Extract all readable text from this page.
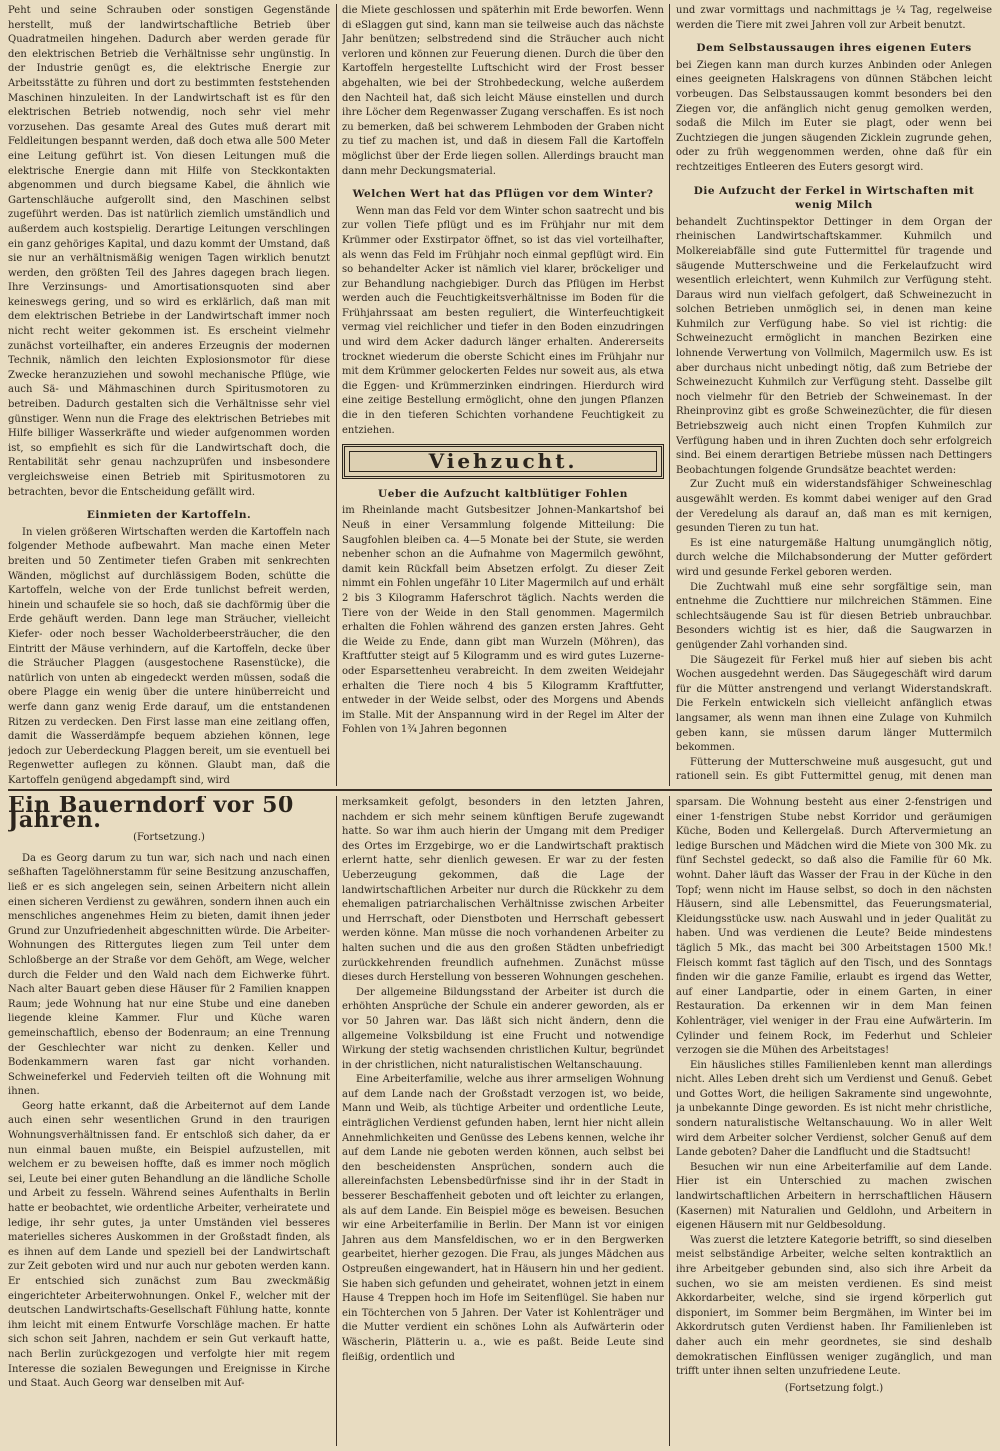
Peht und seine Schrauben oder sonstigen Gegenstände herstellt, muß der landwirtschaftliche Betrieb über Quadratmeilen hingehen. Dadurch aber werden gerade für den elektrischen Betrieb die Verhältnisse sehr ungünstig. In der Industrie genügt es, die elektrische Energie zur Arbeitsstätte zu führen und dort zu bestimmten feststehenden Maschinen hinzuleiten. In der Landwirtschaft ist es für den elektrischen Betrieb notwendig, noch sehr viel mehr vorzusehen. Das gesamte Areal des Gutes muß derart mit Feldleitungen bespannt werden, daß doch etwa alle 500 Meter eine Leitung geführt ist. Von diesen Leitungen muß die elektrische Energie dann mit Hilfe von Steckkontakten abgenommen und durch biegsame Kabel, die ähnlich wie Gartenschläuche aufgerollt sind, den Maschinen selbst zugeführt werden. Das ist natürlich ziemlich umständlich und außerdem auch kostspielig. Derartige Leitungen verschlingen ein ganz gehöriges Kapital, und dazu kommt der Umstand, daß sie nur an verhältnismäßig wenigen Tagen wirklich benutzt werden, den größten Teil des Jahres dagegen brach liegen. Ihre Verzinsungs- und Amortisationsquoten sind aber keineswegs gering, und so wird es erklärlich, daß man mit dem elektrischen Betriebe in der Landwirtschaft immer noch nicht recht weiter gekommen ist. Es erscheint vielmehr zunächst vorteilhafter, ein anderes Erzeugnis der modernen Technik, nämlich den leichten Explosionsmotor für diese Zwecke heranzuziehen und sowohl mechanische Pflüge, wie auch Sä- und Mähmaschinen durch Spiritusmotoren zu betreiben. Dadurch gestalten sich die Verhältnisse sehr viel günstiger. Wenn nun die Frage des elektrischen Betriebes mit Hilfe billiger Wasserkräfte und wieder aufgenommen worden ist, so empfiehlt es sich für die Landwirtschaft doch, die Rentabilität sehr genau nachzuprüfen und insbesondere vergleichsweise einen Betrieb mit Spiritusmotoren zu betrachten, bevor die Entscheidung gefällt wird.

Einmieten der Kartoffeln.

In vielen größeren Wirtschaften werden die Kartoffeln nach folgender Methode aufbewahrt. Man mache einen Meter breiten und 50 Zentimeter tiefen Graben mit senkrechten Wänden, möglichst auf durchlässigem Boden, schütte die Kartoffeln, welche von der Erde tunlichst befreit werden, hinein und schaufele sie so hoch, daß sie dachförmig über die Erde gehäuft werden. Dann lege man Sträucher, vielleicht Kiefer- oder noch besser Wacholderbeersträucher, die den Eintritt der Mäuse verhindern, auf die Kartoffeln, decke über die Sträucher Plaggen (ausgestochene Rasenstücke), die natürlich von unten ab eingedeckt werden müssen, sodaß die obere Plagge ein wenig über die untere hinüberreicht und werfe dann ganz wenig Erde darauf, um die entstandenen Ritzen zu verdecken. Den First lasse man eine zeitlang offen, damit die Wasserdämpfe bequem abziehen können, lege jedoch zur Ueberdeckung Plaggen bereit, um sie eventuell bei Regenwetter auflegen zu können. Glaubt man, daß die Kartoffeln genügend abgedampft sind, wird

die Miete geschlossen und späterhin mit Erde beworfen. Wenn di eSlaggen gut sind, kann man sie teilweise auch das nächste Jahr benützen; selbstredend sind die Sträucher auch nicht verloren und können zur Feuerung dienen. Durch die über den Kartoffeln hergestellte Luftschicht wird der Frost besser abgehalten, wie bei der Strohbedeckung, welche außerdem den Nachteil hat, daß sich leicht Mäuse einstellen und durch ihre Löcher dem Regenwasser Zugang verschaffen. Es ist noch zu bemerken, daß bei schwerem Lehmboden der Graben nicht zu tief zu machen ist, und daß in diesem Fall die Kartoffeln möglichst über der Erde liegen sollen. Allerdings braucht man dann mehr Deckungsmaterial.

Welchen Wert hat das Pflügen vor dem Winter?

Wenn man das Feld vor dem Winter schon saatrecht und bis zur vollen Tiefe pflügt und es im Frühjahr nur mit dem Krümmer oder Exstirpator öffnet, so ist das viel vorteilhafter, als wenn das Feld im Frühjahr noch einmal gepflügt wird. Ein so behandelter Acker ist nämlich viel klarer, bröckeliger und zur Behandlung nachgiebiger. Durch das Pflügen im Herbst werden auch die Feuchtigkeitsverhältnisse im Boden für die Frühjahrssaat am besten reguliert, die Winterfeuchtigkeit vermag viel reichlicher und tiefer in den Boden einzudringen und wird dem Acker dadurch länger erhalten. Andererseits trocknet wiederum die oberste Schicht eines im Frühjahr nur mit dem Krümmer gelockerten Feldes nur soweit aus, als etwa die Eggen- und Krümmerzinken eindringen. Hierdurch wird eine zeitige Bestellung ermöglicht, ohne den jungen Pflanzen die in den tieferen Schichten vorhandene Feuchtigkeit zu entziehen.

Viehzucht.
Ueber die Aufzucht kaltblütiger Fohlen

im Rheinlande macht Gutsbesitzer Johnen-Mankartshof bei Neuß in einer Versammlung folgende Mitteilung: Die Saugfohlen bleiben ca. 4—5 Monate bei der Stute, sie werden nebenher schon an die Aufnahme von Magermilch gewöhnt, damit kein Rückfall beim Absetzen erfolgt. Zu dieser Zeit nimmt ein Fohlen ungefähr 10 Liter Magermilch auf und erhält 2 bis 3 Kilogramm Haferschrot täglich. Nachts werden die Tiere von der Weide in den Stall genommen. Magermilch erhalten die Fohlen während des ganzen ersten Jahres. Geht die Weide zu Ende, dann gibt man Wurzeln (Möhren), das Kraftfutter steigt auf 5 Kilogramm und es wird gutes Luzerne- oder Esparsettenheu verabreicht. In dem zweiten Weidejahr erhalten die Tiere noch 4 bis 5 Kilogramm Kraftfutter, entweder in der Weide selbst, oder des Morgens und Abends im Stalle. Mit der Anspannung wird in der Regel im Alter der Fohlen von 1¾ Jahren begonnen

und zwar vormittags und nachmittags je ¼ Tag, regelweise werden die Tiere mit zwei Jahren voll zur Arbeit benutzt.

Dem Selbstaussaugen ihres eigenen Euters

bei Ziegen kann man durch kurzes Anbinden oder Anlegen eines geeigneten Halskragens von dünnen Stäbchen leicht vorbeugen. Das Selbstaussaugen kommt besonders bei den Ziegen vor, die anfänglich nicht genug gemolken werden, sodaß die Milch im Euter sie plagt, oder wenn bei Zuchtziegen die jungen säugenden Zicklein zugrunde gehen, oder zu früh weggenommen werden, ohne daß für ein rechtzeitiges Entleeren des Euters gesorgt wird.

Die Aufzucht der Ferkel in Wirtschaften mit wenig Milch

behandelt Zuchtinspektor Dettinger in dem Organ der rheinischen Landwirtschaftskammer. Kuhmilch und Molkereiabfälle sind gute Futtermittel für tragende und säugende Mutterschweine und die Ferkelaufzucht wird wesentlich erleichtert, wenn Kuhmilch zur Verfügung steht. Daraus wird nun vielfach gefolgert, daß Schweinezucht in solchen Betrieben unmöglich sei, in denen man keine Kuhmilch zur Verfügung habe. So viel ist richtig: die Schweinezucht ermöglicht in manchen Bezirken eine lohnende Verwertung von Vollmilch, Magermilch usw. Es ist aber durchaus nicht unbedingt nötig, daß zum Betriebe der Schweinezucht Kuhmilch zur Verfügung steht. Dasselbe gilt noch vielmehr für den Betrieb der Schweinemast. In der Rheinprovinz gibt es große Schweinezüchter, die für diesen Betriebszweig auch nicht einen Tropfen Kuhmilch zur Verfügung haben und in ihren Zuchten doch sehr erfolgreich sind. Bei einem derartigen Betriebe müssen nach Dettingers Beobachtungen folgende Grundsätze beachtet werden:

Zur Zucht muß ein widerstandsfähiger Schweineschlag ausgewählt werden. Es kommt dabei weniger auf den Grad der Veredelung als darauf an, daß man es mit kernigen, gesunden Tieren zu tun hat.

Es ist eine naturgemäße Haltung unumgänglich nötig, durch welche die Milchabsonderung der Mutter gefördert wird und gesunde Ferkel geboren werden.

Die Zuchtwahl muß eine sehr sorgfältige sein, man entnehme die Zuchttiere nur milchreichen Stämmen. Eine schlechtsäugende Sau ist für diesen Betrieb unbrauchbar. Besonders wichtig ist es hier, daß die Saugwarzen in genügender Zahl vorhanden sind.

Die Säugezeit für Ferkel muß hier auf sieben bis acht Wochen ausgedehnt werden. Das Säugegeschäft wird darum für die Mütter anstrengend und verlangt Widerstandskraft. Die Ferkeln entwickeln sich vielleicht anfänglich etwas langsamer, als wenn man ihnen eine Zulage von Kuhmilch geben kann, sie müssen darum länger Muttermilch bekommen.

Fütterung der Mutterschweine muß ausgesucht, gut und rationell sein. Es gibt Futtermittel genug, mit denen man

Ein Bauerndorf vor 50 Jahren.
(Fortsetzung.)

Da es Georg darum zu tun war, sich nach und nach einen seßhaften Tagelöhnerstamm für seine Besitzung anzuschaffen, ließ er es sich angelegen sein, seinen Arbeitern nicht allein einen sicheren Verdienst zu gewähren, sondern ihnen auch ein menschliches angenehmes Heim zu bieten, damit ihnen jeder Grund zur Unzufriedenheit abgeschnitten würde. Die Arbeiter-Wohnungen des Rittergutes liegen zum Teil unter dem Schloßberge an der Straße vor dem Gehöft, am Wege, welcher durch die Felder und den Wald nach dem Eichwerke führt. Nach alter Bauart geben diese Häuser für 2 Familien knappen Raum; jede Wohnung hat nur eine Stube und eine daneben liegende kleine Kammer. Flur und Küche waren gemeinschaftlich, ebenso der Bodenraum; an eine Trennung der Geschlechter war nicht zu denken. Keller und Bodenkammern waren fast gar nicht vorhanden. Schweineferkel und Federvieh teilten oft die Wohnung mit ihnen.

Georg hatte erkannt, daß die Arbeiternot auf dem Lande auch einen sehr wesentlichen Grund in den traurigen Wohnungsverhältnissen fand. Er entschloß sich daher, da er nun einmal bauen mußte, ein Beispiel aufzustellen, mit welchem er zu beweisen hoffte, daß es immer noch möglich sei, Leute bei einer guten Behandlung an die ländliche Scholle und Arbeit zu fesseln. Während seines Aufenthalts in Berlin hatte er beobachtet, wie ordentliche Arbeiter, verheiratete und ledige, ihr sehr gutes, ja unter Umständen viel besseres materielles sicheres Auskommen in der Großstadt finden, als es ihnen auf dem Lande und speziell bei der Landwirtschaft zur Zeit geboten wird und nur auch nur geboten werden kann. Er entschied sich zunächst zum Bau zweckmäßig eingerichteter Arbeiterwohnungen. Onkel F., welcher mit der deutschen Landwirtschafts-Gesellschaft Fühlung hatte, konnte ihm leicht mit einem Entwurfe Vorschläge machen. Er hatte sich schon seit Jahren, nachdem er sein Gut verkauft hatte, nach Berlin zurückgezogen und verfolgte hier mit regem Interesse die sozialen Bewegungen und Ereignisse in Kirche und Staat. Auch Georg war denselben mit Auf-

merksamkeit gefolgt, besonders in den letzten Jahren, nachdem er sich mehr seinem künftigen Berufe zugewandt hatte. So war ihm auch hierin der Umgang mit dem Prediger des Ortes im Erzgebirge, wo er die Landwirtschaft praktisch erlernt hatte, sehr dienlich gewesen. Er war zu der festen Ueberzeugung gekommen, daß die Lage der landwirtschaftlichen Arbeiter nur durch die Rückkehr zu dem ehemaligen patriarchalischen Verhältnisse zwischen Arbeiter und Herrschaft, oder Dienstboten und Herrschaft gebessert werden könne. Man müsse die noch vorhandenen Arbeiter zu halten suchen und die aus den großen Städten unbefriedigt zurückkehrenden freundlich aufnehmen. Zunächst müsse dieses durch Herstellung von besseren Wohnungen geschehen.

Der allgemeine Bildungsstand der Arbeiter ist durch die erhöhten Ansprüche der Schule ein anderer geworden, als er vor 50 Jahren war. Das läßt sich nicht ändern, denn die allgemeine Volksbildung ist eine Frucht und notwendige Wirkung der stetig wachsenden christlichen Kultur, begründet in der christlichen, nicht naturalistischen Weltanschauung.

Eine Arbeiterfamilie, welche aus ihrer armseligen Wohnung auf dem Lande nach der Großstadt verzogen ist, wo beide, Mann und Weib, als tüchtige Arbeiter und ordentliche Leute, einträglichen Verdienst gefunden haben, lernt hier nicht allein Annehmlichkeiten und Genüsse des Lebens kennen, welche ihr auf dem Lande nie geboten werden können, auch selbst bei den bescheidensten Ansprüchen, sondern auch die allereinfachsten Lebensbedürfnisse sind ihr in der Stadt in besserer Beschaffenheit geboten und oft leichter zu erlangen, als auf dem Lande. Ein Beispiel möge es beweisen. Besuchen wir eine Arbeiterfamilie in Berlin. Der Mann ist vor einigen Jahren aus dem Mansfeldischen, wo er in den Bergwerken gearbeitet, hierher gezogen. Die Frau, als junges Mädchen aus Ostpreußen eingewandert, hat in Häusern hin und her gedient. Sie haben sich gefunden und geheiratet, wohnen jetzt in einem Hause 4 Treppen hoch im Hofe im Seitenflügel. Sie haben nur ein Töchterchen von 5 Jahren. Der Vater ist Kohlenträger und die Mutter verdient ein schönes Lohn als Aufwärterin oder Wäscherin, Plätterin u. a., wie es paßt. Beide Leute sind fleißig, ordentlich und

sparsam. Die Wohnung besteht aus einer 2-fenstrigen und einer 1-fenstrigen Stube nebst Korridor und geräumigen Küche, Boden und Kellergelaß. Durch Aftervermietung an ledige Burschen und Mädchen wird die Miete von 300 Mk. zu fünf Sechstel gedeckt, so daß also die Familie für 60 Mk. wohnt. Daher läuft das Wasser der Frau in der Küche in den Topf; wenn nicht im Hause selbst, so doch in den nächsten Häusern, sind alle Lebensmittel, das Feuerungsmaterial, Kleidungsstücke usw. nach Auswahl und in jeder Qualität zu haben. Und was verdienen die Leute? Beide mindestens täglich 5 Mk., das macht bei 300 Arbeitstagen 1500 Mk.! Fleisch kommt fast täglich auf den Tisch, und des Sonntags finden wir die ganze Familie, erlaubt es irgend das Wetter, auf einer Landpartie, oder in einem Garten, in einer Restauration. Da erkennen wir in dem Man feinen Kohlenträger, viel weniger in der Frau eine Aufwärterin. Im Cylinder und feinem Rock, im Federhut und Schleier verzogen sie die Mühen des Arbeitstages!

Ein häusliches stilles Familienleben kennt man allerdings nicht. Alles Leben dreht sich um Verdienst und Genuß. Gebet und Gottes Wort, die heiligen Sakramente sind ungewohnte, ja unbekannte Dinge geworden. Es ist nicht mehr christliche, sondern naturalistische Weltanschauung. Wo in aller Welt wird dem Arbeiter solcher Verdienst, solcher Genuß auf dem Lande geboten? Daher die Landflucht und die Stadtsucht!

Besuchen wir nun eine Arbeiterfamilie auf dem Lande. Hier ist ein Unterschied zu machen zwischen landwirtschaftlichen Arbeitern in herrschaftlichen Häusern (Kasernen) mit Naturalien und Geldlohn, und Arbeitern in eigenen Häusern mit nur Geldbesoldung.

Was zuerst die letztere Kategorie betrifft, so sind dieselben meist selbständige Arbeiter, welche selten kontraktlich an ihre Arbeitgeber gebunden sind, also sich ihre Arbeit da suchen, wo sie am meisten verdienen. Es sind meist Akkordarbeiter, welche, sind sie irgend körperlich gut disponiert, im Sommer beim Bergmähen, im Winter bei im Akkordrutsch guten Verdienst haben. Ihr Familienleben ist daher auch ein mehr geordnetes, sie sind deshalb demokratischen Einflüssen weniger zugänglich, und man trifft unter ihnen selten unzufriedene Leute.

(Fortsetzung folgt.)
